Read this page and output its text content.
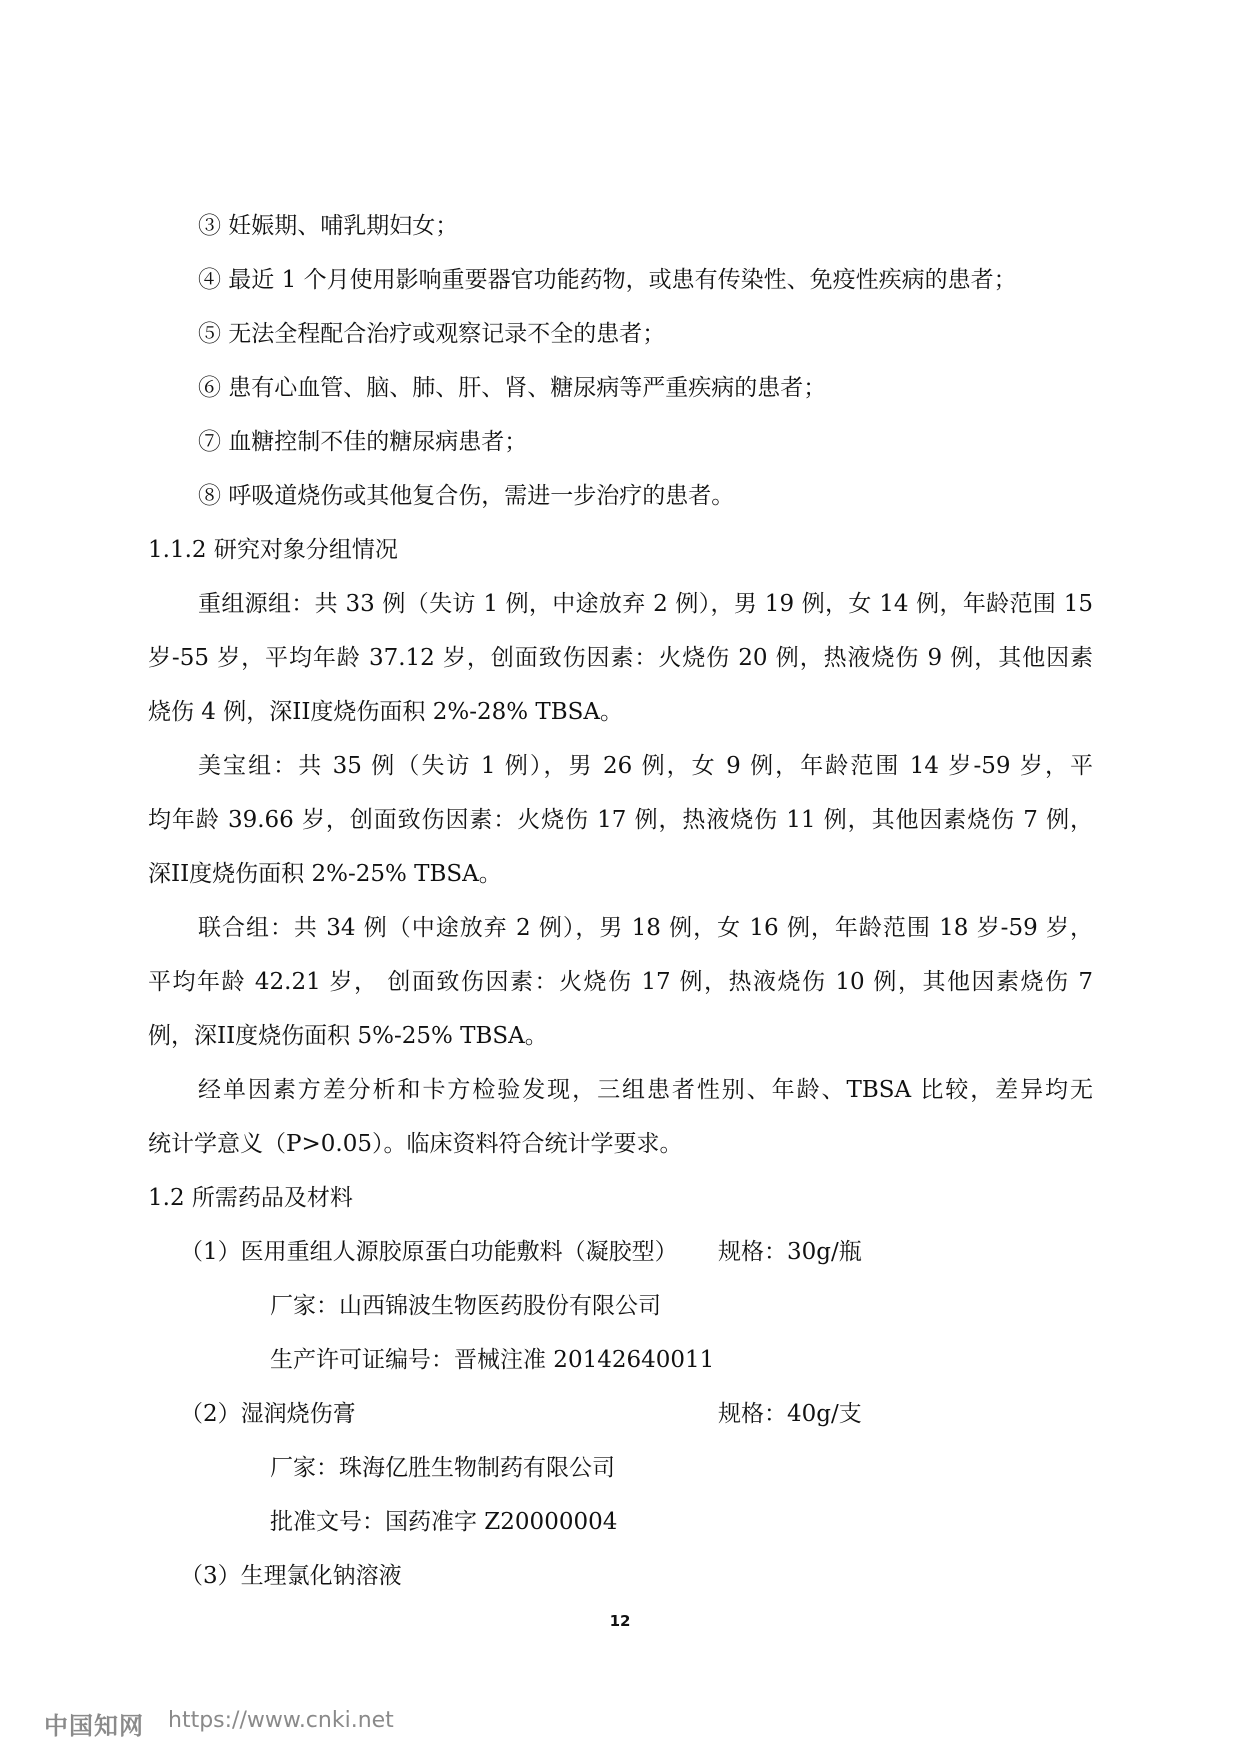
③ 妊娠期、哺乳期妇女；
④ 最近 1 个月使用影响重要器官功能药物，或患有传染性、免疫性疾病的患者；
⑤ 无法全程配合治疗或观察记录不全的患者；
⑥ 患有心血管、脑、肺、肝、肾、糖尿病等严重疾病的患者；
⑦ 血糖控制不佳的糖尿病患者；
⑧ 呼吸道烧伤或其他复合伤，需进一步治疗的患者。
1.1.2 研究对象分组情况
重组源组：共 33 例（失访 1 例，中途放弃 2 例），男 19 例，女 14 例，年龄范围 15
岁-55 岁，平均年龄 37.12 岁，创面致伤因素：火烧伤 20 例，热液烧伤 9 例，其他因素
烧伤 4 例，深II度烧伤面积 2%-28% TBSA。
美宝组：共 35 例（失访 1 例），男 26 例，女 9 例，年龄范围 14 岁-59 岁，平
均年龄 39.66 岁，创面致伤因素：火烧伤 17 例，热液烧伤 11 例，其他因素烧伤 7 例，
深II度烧伤面积 2%-25% TBSA。
联合组：共 34 例（中途放弃 2 例），男 18 例，女 16 例，年龄范围 18 岁-59 岁，
平均年龄 42.21 岁， 创面致伤因素：火烧伤 17 例，热液烧伤 10 例，其他因素烧伤 7
例，深II度烧伤面积 5%-25% TBSA。
经单因素方差分析和卡方检验发现，三组患者性别、年龄、TBSA 比较，差异均无
统计学意义（P>0.05）。临床资料符合统计学要求。
1.2 所需药品及材料
（1）医用重组人源胶原蛋白功能敷料（凝胶型） 规格：30g/瓶
厂家：山西锦波生物医药股份有限公司
生产许可证编号：晋械注准 20142640011
（2）湿润烧伤膏	规格：40g/支
厂家：珠海亿胜生物制药有限公司
批准文号：国药准字 Z20000004
（3）生理氯化钠溶液
12
中国知网 https://www.cnki.net
